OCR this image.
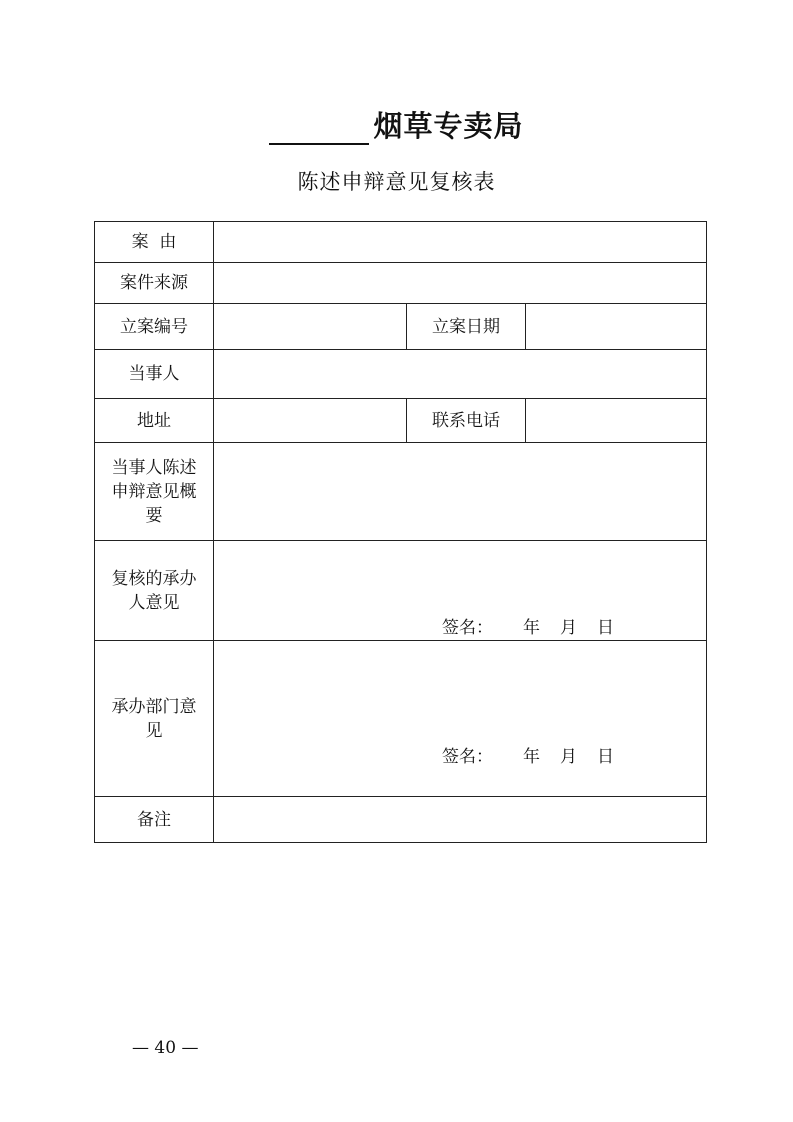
烟草专卖局
陈述申辩意见复核表
案  由			
案件来源			
立案编号		立案日期	
当事人			
地址		联系电话	
当事人陈述申辩意见概要			
复核的承办人意见	签名： 年 月 日		

承办部门意见	签名： 年 月 日		

备注			
— 40 —
